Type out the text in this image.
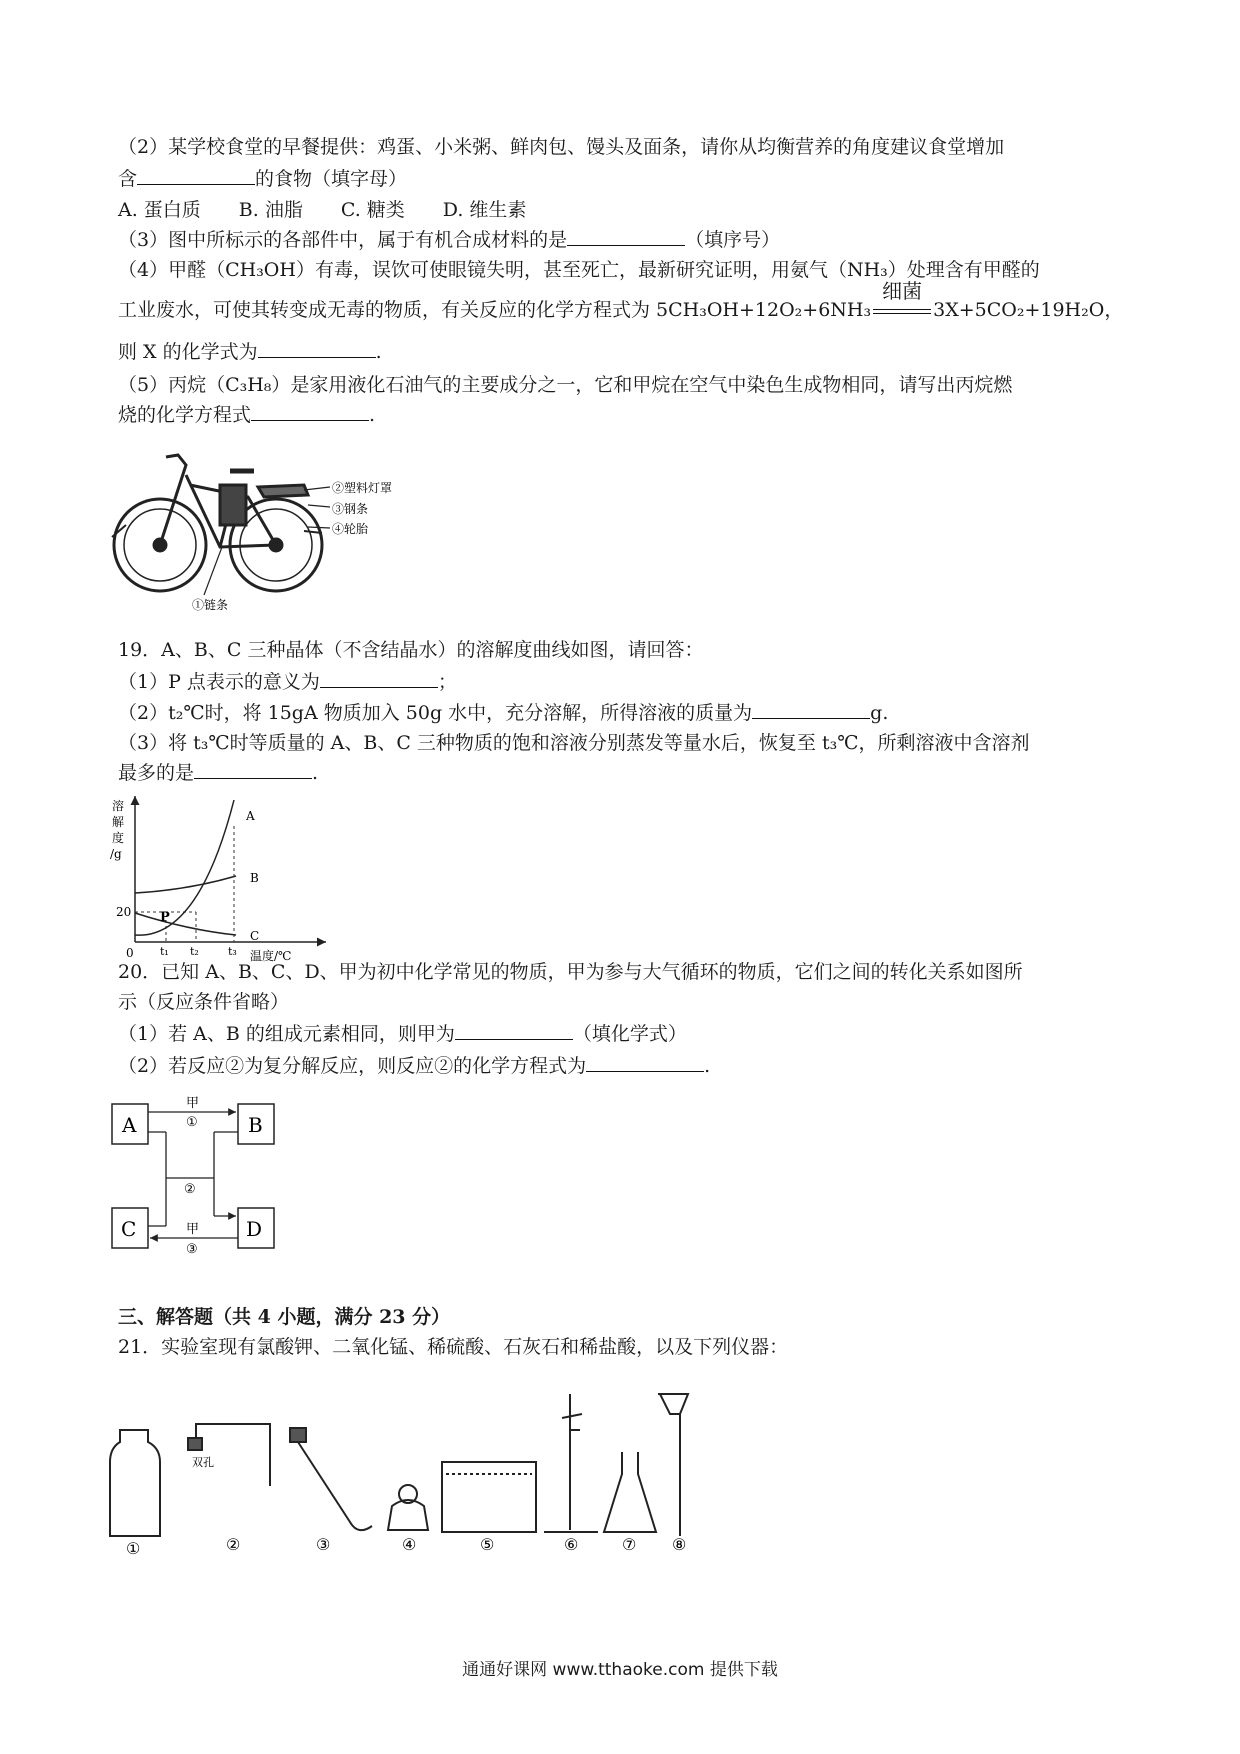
（2）某学校食堂的早餐提供：鸡蛋、小米粥、鲜肉包、馒头及面条，请你从均衡营养的角度建议食堂增加
含	的食物（填字母）
A. 蛋白质　　B. 油脂　　C. 糖类　　D. 维生素
（3）图中所标示的各部件中，属于有机合成材料的是	（填序号）
（4）甲醛（CH₃OH）有毒，误饮可使眼镜失明，甚至死亡，最新研究证明，用氨气（NH₃）处理含有甲醛的
工业废水，可使其转变成无毒的物质，有关反应的化学方程式为 5CH₃OH+12O₂+6NH₃
细菌
3X+5CO₂+19H₂O，
则 X 的化学式为	.
（5）丙烷（C₃H₈）是家用液化石油气的主要成分之一，它和甲烷在空气中染色生成物相同，请写出丙烷燃
烧的化学方程式	.
②塑料灯罩
③钢条
④轮胎
①链条
19．A、B、C 三种晶体（不含结晶水）的溶解度曲线如图，请回答：
（1）P 点表示的意义为	；
（2）t₂℃时，将 15gA 物质加入 50g 水中，充分溶解，所得溶液的质量为	g.
（3）将 t₃℃时等质量的 A、B、C 三种物质的饱和溶液分别蒸发等量水后，恢复至 t₃℃，所剩溶液中含溶剂
最多的是	.
溶
解
度
/g
20
0
P
A
B
C
t₁ t₂	t₃ 温度/℃
20．已知 A、B、C、D、甲为初中化学常见的物质，甲为参与大气循环的物质，它们之间的转化关系如图所
示（反应条件省略）
（1）若 A、B 的组成元素相同，则甲为	（填化学式）
（2）若反应②为复分解反应，则反应②的化学方程式为	.
A	B
C	D
甲
①
②
甲
③
三、解答题（共 4 小题，满分 23 分）
21．实验室现有氯酸钾、二氧化锰、稀硫酸、石灰石和稀盐酸，以及下列仪器：
①	②
双孔
③	④	⑤	⑥	⑦ ⑧
通通好课网 www.tthaoke.com 提供下载
